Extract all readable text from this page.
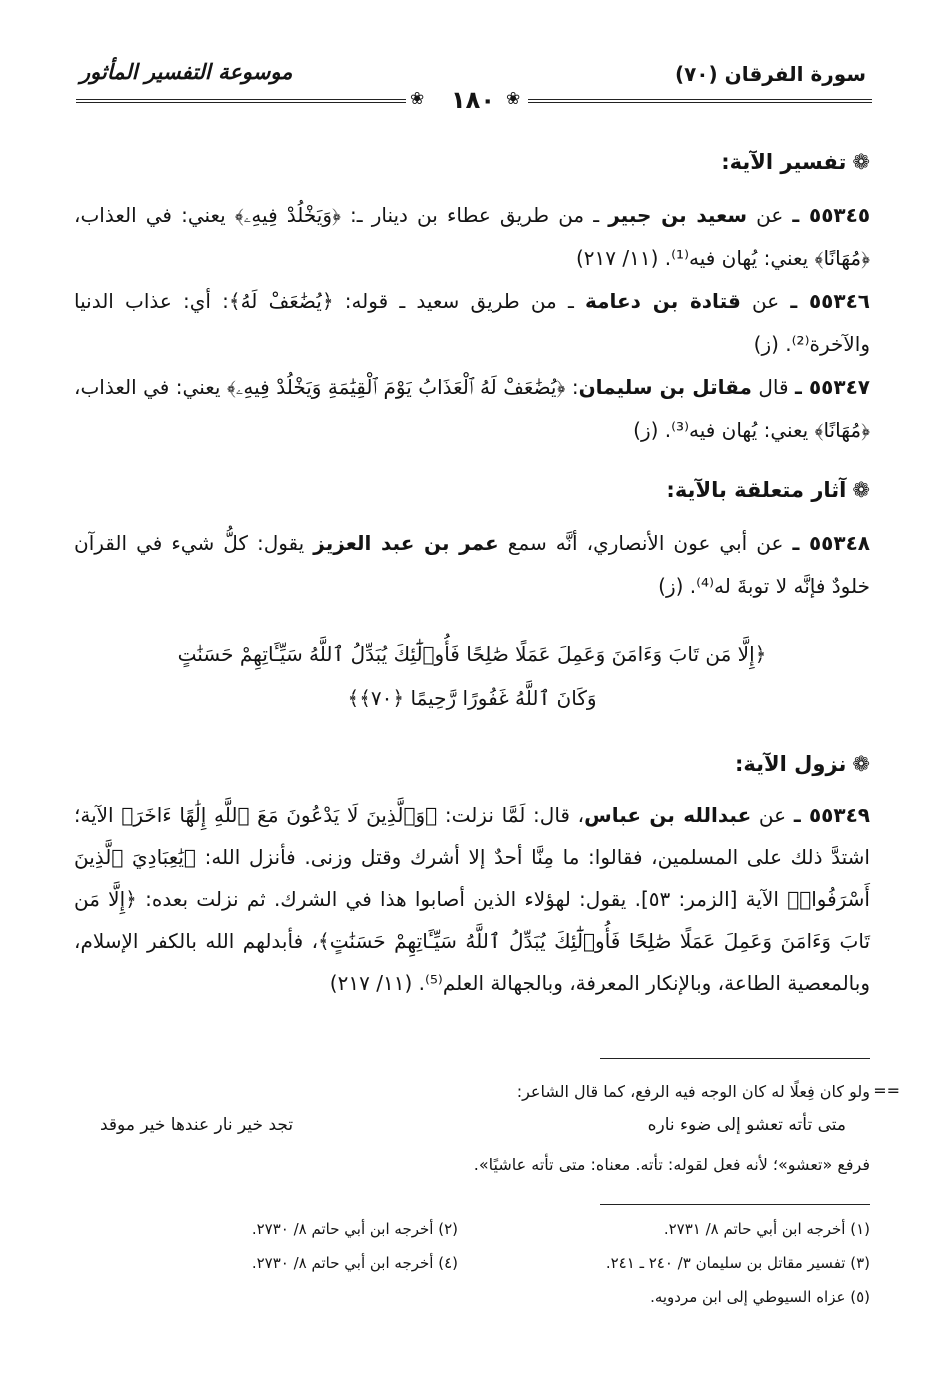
سورة الفرقان (٧٠)
موسوعة التفسير المأثور
❀ ١٨٠ ❀
❁تفسير الآية:
٥٥٣٤٥ ـ عن سعيد بن جبير ـ من طريق عطاء بن دينار ـ: ﴿وَيَخْلُدْ فِيهِۦ﴾ يعني: في العذاب، ﴿مُهَانًا﴾ يعني: يُهان فيه⁽¹⁾. (١١/ ٢١٧)
٥٥٣٤٦ ـ عن قتادة بن دعامة ـ من طريق سعيد ـ قوله: ﴿يُضَٰعَفْ لَهُ﴾: أي: عذاب الدنيا والآخرة⁽²⁾. (ز)
٥٥٣٤٧ ـ قال مقاتل بن سليمان: ﴿يُضَٰعَفْ لَهُ ٱلْعَذَابُ يَوْمَ ٱلْقِيَٰمَةِ وَيَخْلُدْ فِيهِۦ﴾ يعني: في العذاب، ﴿مُهَانًا﴾ يعني: يُهان فيه⁽³⁾. (ز)
❁آثار متعلقة بالآية:
٥٥٣٤٨ ـ عن أبي عون الأنصاري، أنَّه سمع عمر بن عبد العزيز يقول: كلُّ شيء في القرآن خلودٌ فإنَّه لا توبةَ له⁽⁴⁾. (ز)
﴿إِلَّا مَن تَابَ وَءَامَنَ وَعَمِلَ عَمَلًا صَٰلِحًا فَأُو۟لَٰٓئِكَ يُبَدِّلُ ٱللَّهُ سَيِّـَٔاتِهِمْ حَسَنَٰتٍ
وَكَانَ ٱللَّهُ غَفُورًا رَّحِيمًا ﴿٧٠﴾﴾
❁نزول الآية:
٥٥٣٤٩ ـ عن عبدالله بن عباس، قال: لَمَّا نزلت: ﴿وَٱلَّذِينَ لَا يَدْعُونَ مَعَ ٱللَّهِ إِلَٰهًا ءَاخَرَ﴾ الآية؛ اشتدَّ ذلك على المسلمين، فقالوا: ما مِنَّا أحدٌ إلا أشرك وقتل وزنى. فأنزل الله: ﴿يَٰعِبَادِيَ ٱلَّذِينَ أَسْرَفُوا۟﴾ الآية [الزمر: ٥٣]. يقول: لهؤلاء الذين أصابوا هذا في الشرك. ثم نزلت بعده: ﴿إِلَّا مَن تَابَ وَءَامَنَ وَعَمِلَ عَمَلًا صَٰلِحًا فَأُو۟لَٰٓئِكَ يُبَدِّلُ ٱللَّهُ سَيِّـَٔاتِهِمْ حَسَنَٰتٍ﴾، فأبدلهم الله بالكفر الإسلام، وبالمعصية الطاعة، وبالإنكار المعرفة، وبالجهالة العلم⁽⁵⁾. (١١/ ٢١٧)
==
ولو كان فِعلًا له كان الوجه فيه الرفع، كما قال الشاعر:
متى تأته تعشو إلى ضوء ناره
تجد خير نار عندها خير موقد
فرفع «تعشو»؛ لأنه فعل لقوله: تأته. معناه: متى تأته عاشيًا».
(١) أخرجه ابن أبي حاتم ٨/ ٢٧٣١.
(٢) أخرجه ابن أبي حاتم ٨/ ٢٧٣٠.
(٣) تفسير مقاتل بن سليمان ٣/ ٢٤٠ ـ ٢٤١.
(٤) أخرجه ابن أبي حاتم ٨/ ٢٧٣٠.
(٥) عزاه السيوطي إلى ابن مردويه.
